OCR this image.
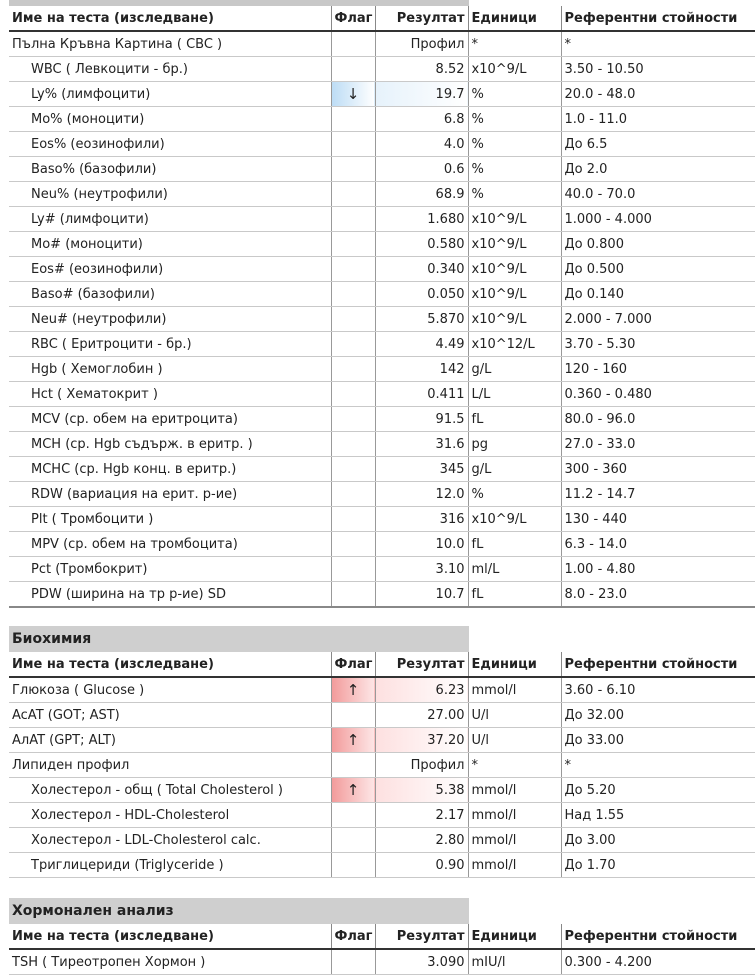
Име на теста (изследване)	Флаг	Резултат	Единици	Референтни стойности
Пълна Кръвна Картина ( CBC )		Профил	*	*
WBC ( Левкоцити - бр.)		8.52	x10^9/L	3.50 - 10.50
Ly% (лимфоцити)	↓	19.7	%	20.0 - 48.0
Mo% (моноцити)		6.8	%	1.0 - 11.0
Eos% (еозинофили)		4.0	%	До 6.5
Baso% (базофили)		0.6	%	До 2.0
Neu% (неутрофили)		68.9	%	40.0 - 70.0
Ly# (лимфоцити)		1.680	x10^9/L	1.000 - 4.000
Mo# (моноцити)		0.580	x10^9/L	До 0.800
Eos# (еозинофили)		0.340	x10^9/L	До 0.500
Baso# (базофили)		0.050	x10^9/L	До 0.140
Neu# (неутрофили)		5.870	x10^9/L	2.000 - 7.000
RBC ( Еритроцити - бр.)		4.49	x10^12/L	3.70 - 5.30
Hgb ( Хемоглобин )		142	g/L	120 - 160
Hct ( Хематокрит )		0.411	L/L	0.360 - 0.480
MCV (ср. обем на еритроцита)		91.5	fL	80.0 - 96.0
MCH (ср. Hgb съдърж. в еритр. )		31.6	pg	27.0 - 33.0
MCHC (ср. Hgb конц. в еритр.)		345	g/L	300 - 360
RDW (вариация на ерит. р-ие)		12.0	%	11.2 - 14.7
Plt ( Тромбоцити )		316	x10^9/L	130 - 440
MPV (ср. обем на тромбоцита)		10.0	fL	6.3 - 14.0
Pct (Тромбокрит)		3.10	ml/L	1.00 - 4.80
PDW (ширина на тр р-ие) SD		10.7	fL	8.0 - 23.0
Биохимия
Име на теста (изследване)	Флаг	Резултат	Единици	Референтни стойности
Глюкоза ( Glucose )	↑	6.23	mmol/l	3.60 - 6.10
AcAT (GOT; AST)		27.00	U/l	До 32.00
AлAT (GPT; ALT)	↑	37.20	U/l	До 33.00
Липиден профил		Профил	*	*
Холестерол - общ ( Total Cholesterol )	↑	5.38	mmol/l	До 5.20
Холестерол - HDL-Cholesterol		2.17	mmol/l	Над 1.55
Холестерол - LDL-Cholesterol calc.		2.80	mmol/l	До 3.00
Триглицериди (Triglyceride )		0.90	mmol/l	До 1.70
Хормонален анализ
Име на теста (изследване)	Флаг	Резултат	Единици	Референтни стойности
TSH ( Тиреотропен Хормон )		3.090	mIU/l	0.300 - 4.200
